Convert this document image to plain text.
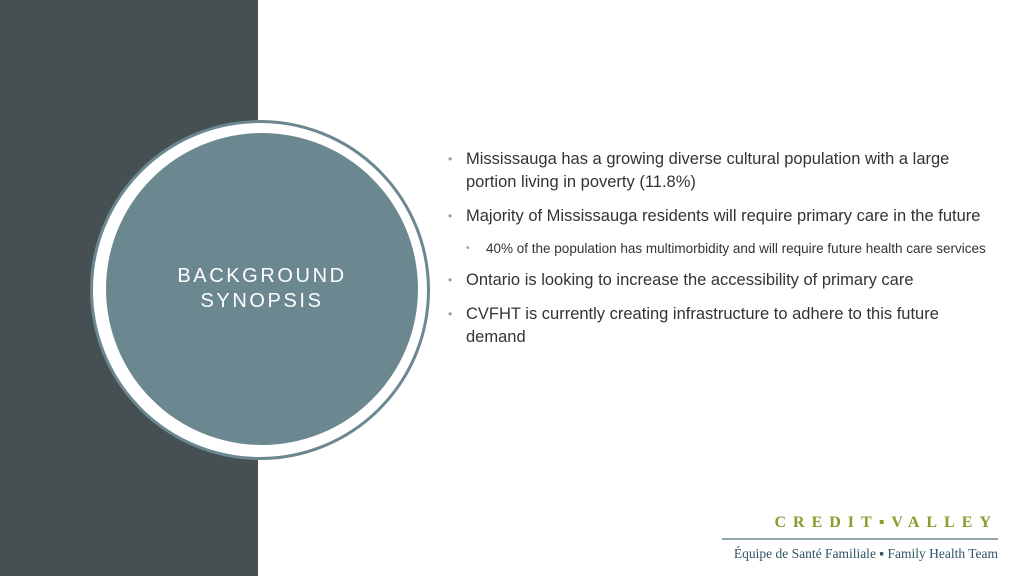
BACKGROUND
SYNOPSIS
• Mississauga has a growing diverse cultural population with a large portion living in poverty (11.8%)
• Majority of Mississauga residents will require primary care in the future
• 40% of the population has multimorbidity and will require future health care services
• Ontario is looking to increase the accessibility of primary care
• CVFHT is currently creating infrastructure to adhere to this future demand
CREDIT▪VALLEY
Équipe de Santé Familiale ▪ Family Health Team
